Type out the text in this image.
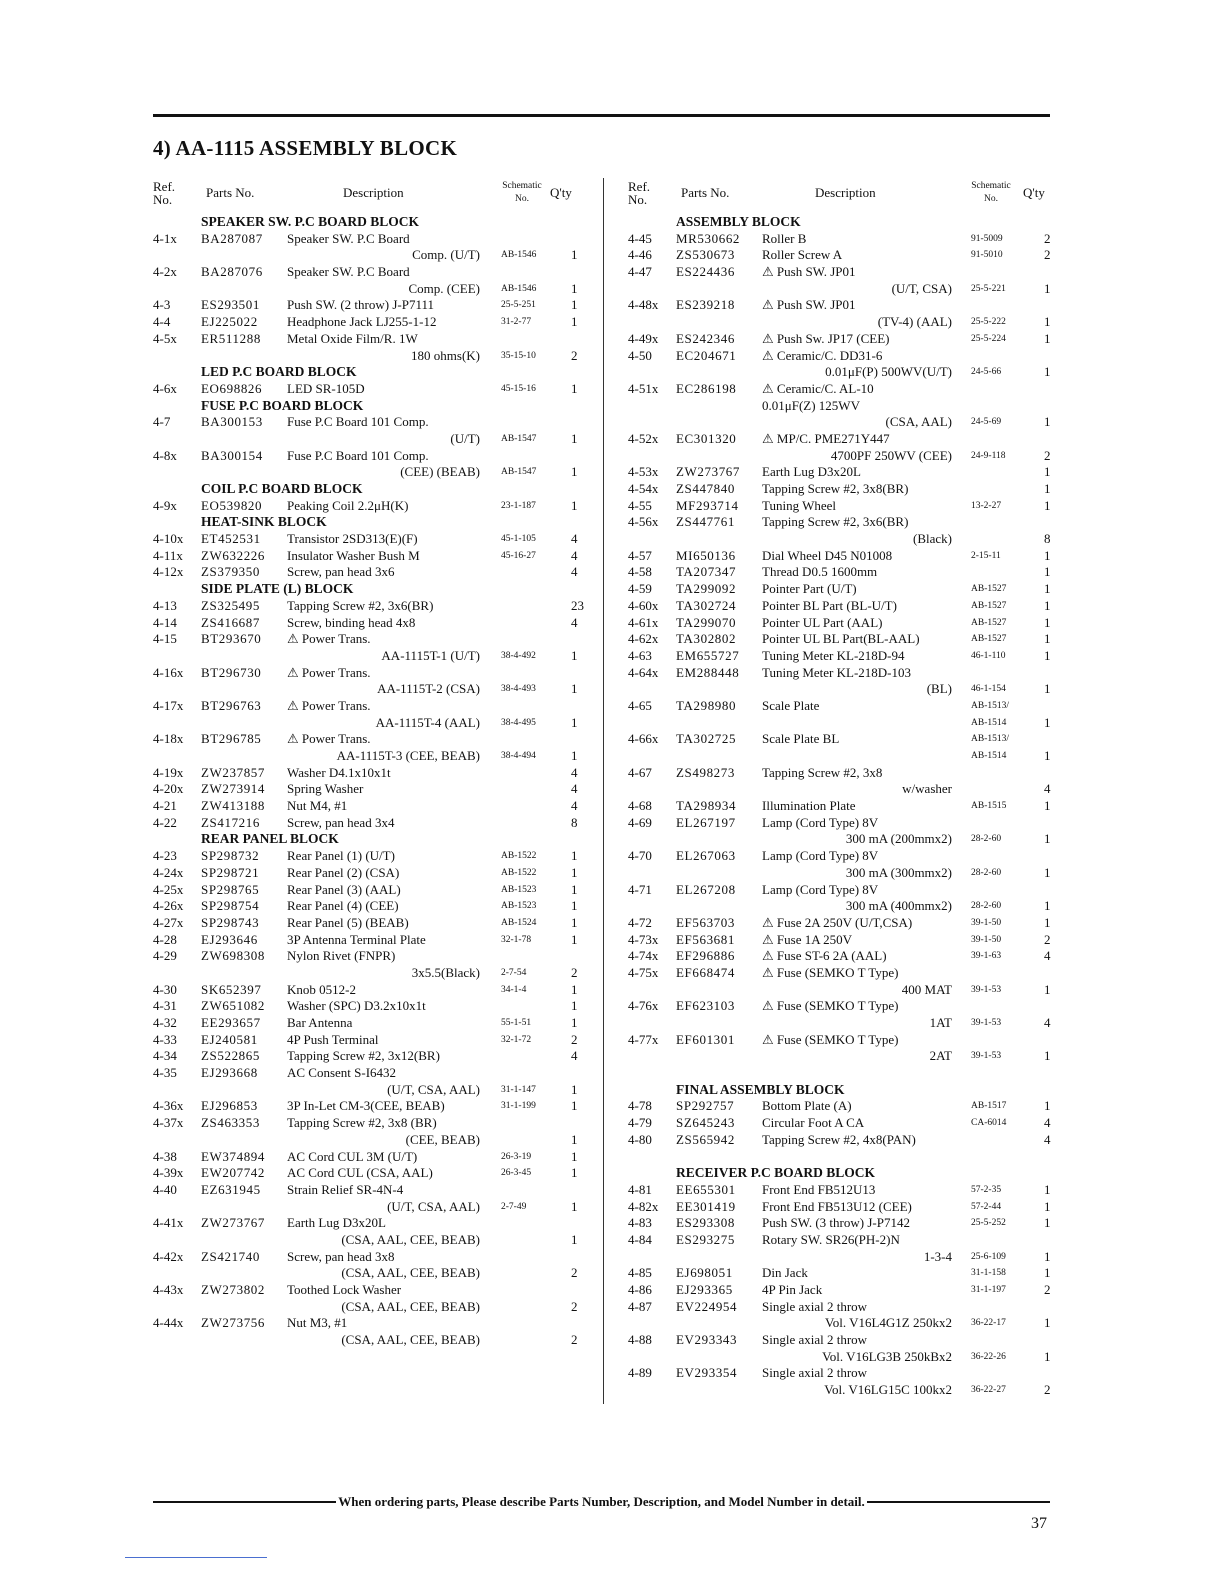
4) AA-1115 ASSEMBLY BLOCK
Ref.
No.	Parts No.	Description	Schematic
No.	Q'ty
SPEAKER SW. P.C BOARD BLOCK
4-1x BA287087 Speaker SW. P.C Board
Comp. (U/T) AB-1546	1
4-2x BA287076 Speaker SW. P.C Board
Comp. (CEE) AB-1546	1
4-3 ES293501 Push SW. (2 throw) J-P7111	25-5-251	1
4-4 EJ225022 Headphone Jack LJ255-1-12	31-2-77	1
4-5x ER511288 Metal Oxide Film/R. 1W
180 ohms(K) 35-15-10	2
LED P.C BOARD BLOCK
4-6x EO698826 LED SR-105D	45-15-16	1
FUSE P.C BOARD BLOCK
4-7 BA300153 Fuse P.C Board 101 Comp.
(U/T) AB-1547	1
4-8x BA300154 Fuse P.C Board 101 Comp.
(CEE) (BEAB) AB-1547	1
COIL P.C BOARD BLOCK
4-9x EO539820 Peaking Coil 2.2μH(K)	23-1-187	1
HEAT-SINK BLOCK
4-10x ET452531 Transistor 2SD313(E)(F)	45-1-105	4
4-11x ZW632226 Insulator Washer Bush M	45-16-27	4
4-12x ZS379350 Screw, pan head 3x6	4
SIDE PLATE (L) BLOCK
4-13 ZS325495 Tapping Screw #2, 3x6(BR)	23
4-14 ZS416687 Screw, binding head 4x8	4
4-15 BT293670 ⚠ Power Trans.
AA-1115T-1 (U/T) 38-4-492	1
4-16x BT296730 ⚠ Power Trans.
AA-1115T-2 (CSA) 38-4-493	1
4-17x BT296763 ⚠ Power Trans.
AA-1115T-4 (AAL) 38-4-495	1
4-18x BT296785 ⚠ Power Trans.
AA-1115T-3 (CEE, BEAB) 38-4-494	1
4-19x ZW237857 Washer D4.1x10x1t	4
4-20x ZW273914 Spring Washer	4
4-21 ZW413188 Nut M4, #1	4
4-22 ZS417216 Screw, pan head 3x4	8
REAR PANEL BLOCK
4-23 SP298732 Rear Panel (1) (U/T)	AB-1522	1
4-24x SP298721 Rear Panel (2) (CSA)	AB-1522	1
4-25x SP298765 Rear Panel (3) (AAL)	AB-1523	1
4-26x SP298754 Rear Panel (4) (CEE)	AB-1523	1
4-27x SP298743 Rear Panel (5) (BEAB)	AB-1524	1
4-28 EJ293646 3P Antenna Terminal Plate	32-1-78	1
4-29 ZW698308 Nylon Rivet (FNPR)
3x5.5(Black) 2-7-54	2
4-30 SK652397 Knob 0512-2	34-1-4	1
4-31 ZW651082 Washer (SPC) D3.2x10x1t	1
4-32 EE293657 Bar Antenna	55-1-51	1
4-33 EJ240581 4P Push Terminal	32-1-72	2
4-34 ZS522865 Tapping Screw #2, 3x12(BR)	4
4-35 EJ293668 AC Consent S-I6432
(U/T, CSA, AAL) 31-1-147	1
4-36x EJ296853 3P In-Let CM-3(CEE, BEAB)	31-1-199	1
4-37x ZS463353 Tapping Screw #2, 3x8 (BR)
(CEE, BEAB)	1
4-38 EW374894 AC Cord CUL 3M (U/T)	26-3-19	1
4-39x EW207742 AC Cord CUL (CSA, AAL)	26-3-45	1
4-40 EZ631945 Strain Relief SR-4N-4
(U/T, CSA, AAL) 2-7-49	1
4-41x ZW273767 Earth Lug D3x20L
(CSA, AAL, CEE, BEAB)	1
4-42x ZS421740 Screw, pan head 3x8
(CSA, AAL, CEE, BEAB)	2
4-43x ZW273802 Toothed Lock Washer
(CSA, AAL, CEE, BEAB)	2
4-44x ZW273756 Nut M3, #1
(CSA, AAL, CEE, BEAB)	2
Ref.
No.	Parts No.	Description	Schematic
No.	Q'ty
ASSEMBLY BLOCK
4-45 MR530662 Roller B	91-5009	2
4-46 ZS530673 Roller Screw A	91-5010	2
4-47 ES224436 ⚠ Push SW. JP01
(U/T, CSA) 25-5-221	1
4-48x ES239218 ⚠ Push SW. JP01
(TV-4) (AAL) 25-5-222	1
4-49x ES242346 ⚠ Push Sw. JP17 (CEE)	25-5-224	1
4-50 EC204671 ⚠ Ceramic/C. DD31-6
0.01μF(P) 500WV(U/T) 24-5-66	1
4-51x EC286198 ⚠ Ceramic/C. AL-10
0.01μF(Z) 125WV
(CSA, AAL) 24-5-69	1
4-52x EC301320 ⚠ MP/C. PME271Y447
4700PF 250WV (CEE) 24-9-118	2
4-53x ZW273767 Earth Lug D3x20L	1
4-54x ZS447840 Tapping Screw #2, 3x8(BR)	1
4-55 MF293714 Tuning Wheel	13-2-27	1
4-56x ZS447761 Tapping Screw #2, 3x6(BR)
(Black)	8
4-57 MI650136 Dial Wheel D45 N01008	2-15-11	1
4-58 TA207347 Thread D0.5 1600mm	1
4-59 TA299092 Pointer Part (U/T)	AB-1527	1
4-60x TA302724 Pointer BL Part (BL-U/T)	AB-1527	1
4-61x TA299070 Pointer UL Part (AAL)	AB-1527	1
4-62x TA302802 Pointer UL BL Part(BL-AAL)	AB-1527	1
4-63 EM655727 Tuning Meter KL-218D-94	46-1-110	1
4-64x EM288448 Tuning Meter KL-218D-103
(BL) 46-1-154	1
4-65 TA298980 Scale Plate	AB-1513/
AB-1514	1
4-66x TA302725 Scale Plate BL	AB-1513/
AB-1514	1
4-67 ZS498273 Tapping Screw #2, 3x8
w/washer	4
4-68 TA298934 Illumination Plate	AB-1515	1
4-69 EL267197 Lamp (Cord Type) 8V
300 mA (200mmx2) 28-2-60	1
4-70 EL267063 Lamp (Cord Type) 8V
300 mA (300mmx2) 28-2-60	1
4-71 EL267208 Lamp (Cord Type) 8V
300 mA (400mmx2) 28-2-60	1
4-72 EF563703 ⚠ Fuse 2A 250V (U/T,CSA)	39-1-50	1
4-73x EF563681 ⚠ Fuse 1A 250V	39-1-50	2
4-74x EF296886 ⚠ Fuse ST-6 2A (AAL)	39-1-63	4
4-75x EF668474 ⚠ Fuse (SEMKO T Type)
400 MAT 39-1-53	1
4-76x EF623103 ⚠ Fuse (SEMKO T Type)
1AT 39-1-53	4
4-77x EF601301 ⚠ Fuse (SEMKO T Type)
2AT 39-1-53	1
FINAL ASSEMBLY BLOCK
4-78 SP292757 Bottom Plate (A)	AB-1517	1
4-79 SZ645243 Circular Foot A CA	CA-6014	4
4-80 ZS565942 Tapping Screw #2, 4x8(PAN)	4
RECEIVER P.C BOARD BLOCK
4-81 EE655301 Front End FB512U13	57-2-35	1
4-82x EE301419 Front End FB513U12 (CEE)	57-2-44	1
4-83 ES293308 Push SW. (3 throw) J-P7142	25-5-252	1
4-84 ES293275 Rotary SW. SR26(PH-2)N
1-3-4 25-6-109	1
4-85 EJ698051 Din Jack	31-1-158	1
4-86 EJ293365 4P Pin Jack	31-1-197	2
4-87 EV224954 Single axial 2 throw
Vol. V16L4G1Z 250kx2 36-22-17	1
4-88 EV293343 Single axial 2 throw
Vol. V16LG3B 250kBx2 36-22-26	1
4-89 EV293354 Single axial 2 throw
Vol. V16LG15C 100kx2 36-22-27	2
When ordering parts, Please describe Parts Number, Description, and Model Number in detail.
37
